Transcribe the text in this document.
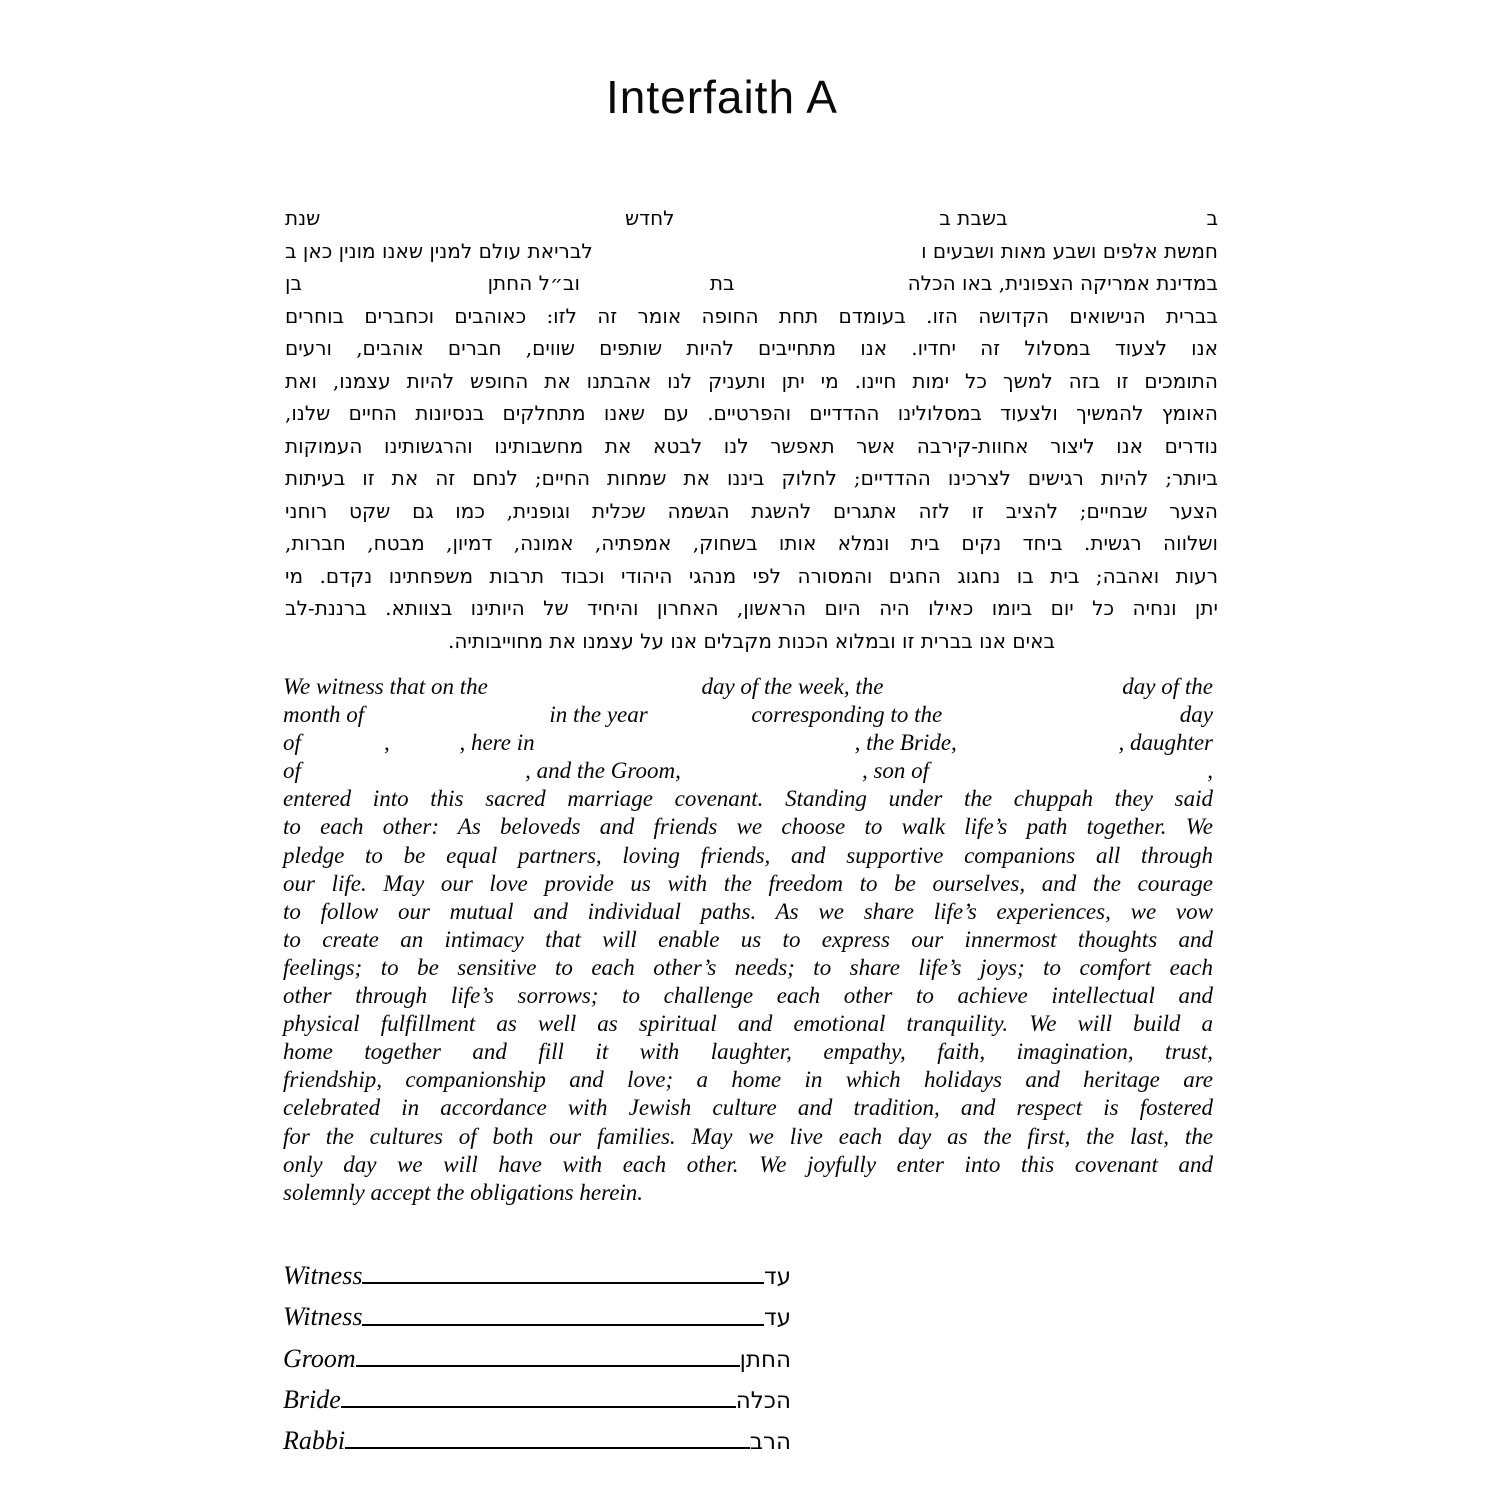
Interfaith A
ב
בשבת ב
לחדש
שנת
חמשת אלפים ושבע מאות ושבעים ו
לבריאת עולם למנין שאנו מונין כאן ב
במדינת אמריקה הצפונית, באו הכלה
בת
וב״ל החתן
בן
בברית הנישואים הקדושה הזו. בעומדם תחת החופה אומר זה לזו: כאוהבים וכחברים בוחרים
אנו לצעוד במסלול זה יחדיו. אנו מתחייבים להיות שותפים שווים, חברים אוהבים, ורעים
התומכים זו בזה למשך כל ימות חיינו. מי יתן ותעניק לנו אהבתנו את החופש להיות עצמנו, ואת
האומץ להמשיך ולצעוד במסלולינו ההדדיים והפרטיים. עם שאנו מתחלקים בנסיונות החיים שלנו,
נודרים אנו ליצור אחוות-קירבה אשר תאפשר לנו לבטא את מחשבותינו והרגשותינו העמוקות
ביותר; להיות רגישים לצרכינו ההדדיים; לחלוק ביננו את שמחות החיים; לנחם זה את זו בעיתות
הצער שבחיים; להציב זו לזה אתגרים להשגת הגשמה שכלית וגופנית, כמו גם שקט רוחני
ושלווה רגשית. ביחד נקים בית ונמלא אותו בשחוק, אמפתיה, אמונה, דמיון, מבטח, חברות,
רעות ואהבה; בית בו נחגוג החגים והמסורה לפי מנהגי היהודי וכבוד תרבות משפחתינו נקדם. מי
יתן ונחיה כל יום ביומו כאילו היה היום הראשון, האחרון והיחיד של היותינו בצוותא. ברננת-לב
באים אנו בברית זו ובמלוא הכנות מקבלים אנו על עצמנו את מחוייבותיה.
We witness that on the	day of the week, the	day of the
month of	in the year	corresponding to the	day
of	,	, here in	, the Bride,	, daughter
of	, and the Groom,	, son of	,
entered into this sacred marriage covenant. Standing under the chuppah they said
to each other: As beloveds and friends we choose to walk life’s path together. We
pledge to be equal partners, loving friends, and supportive companions all through
our life. May our love provide us with the freedom to be ourselves, and the courage
to follow our mutual and individual paths. As we share life’s experiences, we vow
to create an intimacy that will enable us to express our innermost thoughts and
feelings; to be sensitive to each other’s needs; to share life’s joys; to comfort each
other through life’s sorrows; to challenge each other to achieve intellectual and
physical fulfillment as well as spiritual and emotional tranquility. We will build a
home together and fill it with laughter, empathy, faith, imagination, trust,
friendship, companionship and love; a home in which holidays and heritage are
celebrated in accordance with Jewish culture and tradition, and respect is fostered
for the cultures of both our families. May we live each day as the first, the last, the
only day we will have with each other. We joyfully enter into this covenant and
solemnly accept the obligations herein.
Witness	עד
Witness	עד
Groom	החתן
Bride	הכלה
Rabbi	הרב
